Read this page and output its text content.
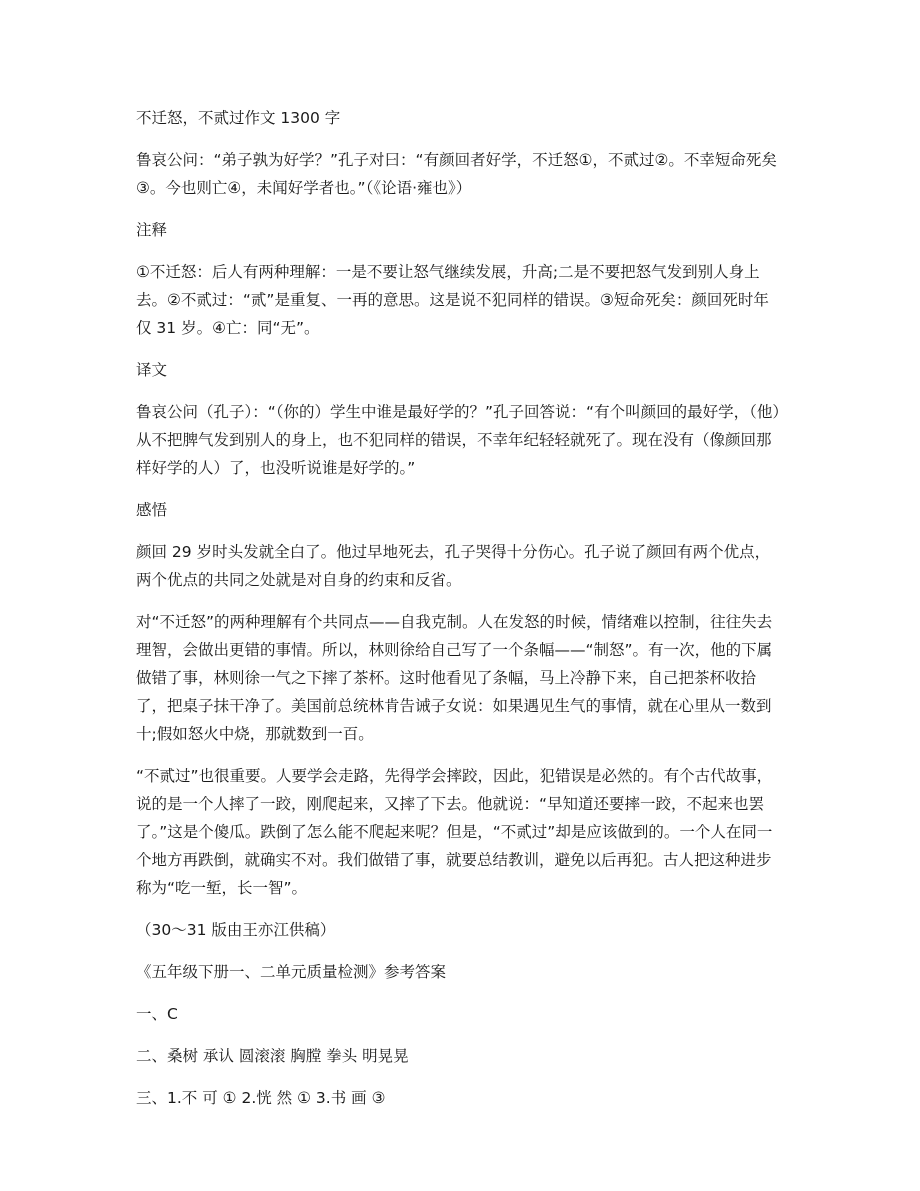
不迁怒，不贰过作文 1300 字

鲁哀公问：“弟子孰为好学？”孔子对曰：“有颜回者好学，不迁怒①，不贰过②。不幸短命死矣③。今也则亡④，未闻好学者也。”（《论语·雍也》）

注释

①不迁怒：后人有两种理解：一是不要让怒气继续发展，升高;二是不要把怒气发到别人身上去。②不贰过：“贰”是重复、一再的意思。这是说不犯同样的错误。③短命死矣：颜回死时年仅 31 岁。④亡：同“无”。

译文

鲁哀公问（孔子）：“（你的）学生中谁是最好学的？”孔子回答说：“有个叫颜回的最好学，（他）从不把脾气发到别人的身上，也不犯同样的错误，不幸年纪轻轻就死了。现在没有（像颜回那样好学的人）了，也没听说谁是好学的。”

感悟

颜回 29 岁时头发就全白了。他过早地死去，孔子哭得十分伤心。孔子说了颜回有两个优点，两个优点的共同之处就是对自身的约束和反省。

对“不迁怒”的两种理解有个共同点——自我克制。人在发怒的时候，情绪难以控制，往往失去理智，会做出更错的事情。所以，林则徐给自己写了一个条幅——“制怒”。有一次，他的下属做错了事，林则徐一气之下摔了茶杯。这时他看见了条幅，马上冷静下来，自己把茶杯收拾了，把桌子抹干净了。美国前总统林肯告诫子女说：如果遇见生气的事情，就在心里从一数到十;假如怒火中烧，那就数到一百。

“不贰过”也很重要。人要学会走路，先得学会摔跤，因此，犯错误是必然的。有个古代故事，说的是一个人摔了一跤，刚爬起来，又摔了下去。他就说：“早知道还要摔一跤，不起来也罢了。”这是个傻瓜。跌倒了怎么能不爬起来呢？但是，“不贰过”却是应该做到的。一个人在同一个地方再跌倒，就确实不对。我们做错了事，就要总结教训，避免以后再犯。古人把这种进步称为“吃一堑，长一智”。

（30～31 版由王亦江供稿）

《五年级下册一、二单元质量检测》参考答案

一、C

二、桑树 承认 圆滚滚 胸膛 拳头 明晃晃

三、1.不 可 ① 2.恍 然 ① 3.书 画 ③
